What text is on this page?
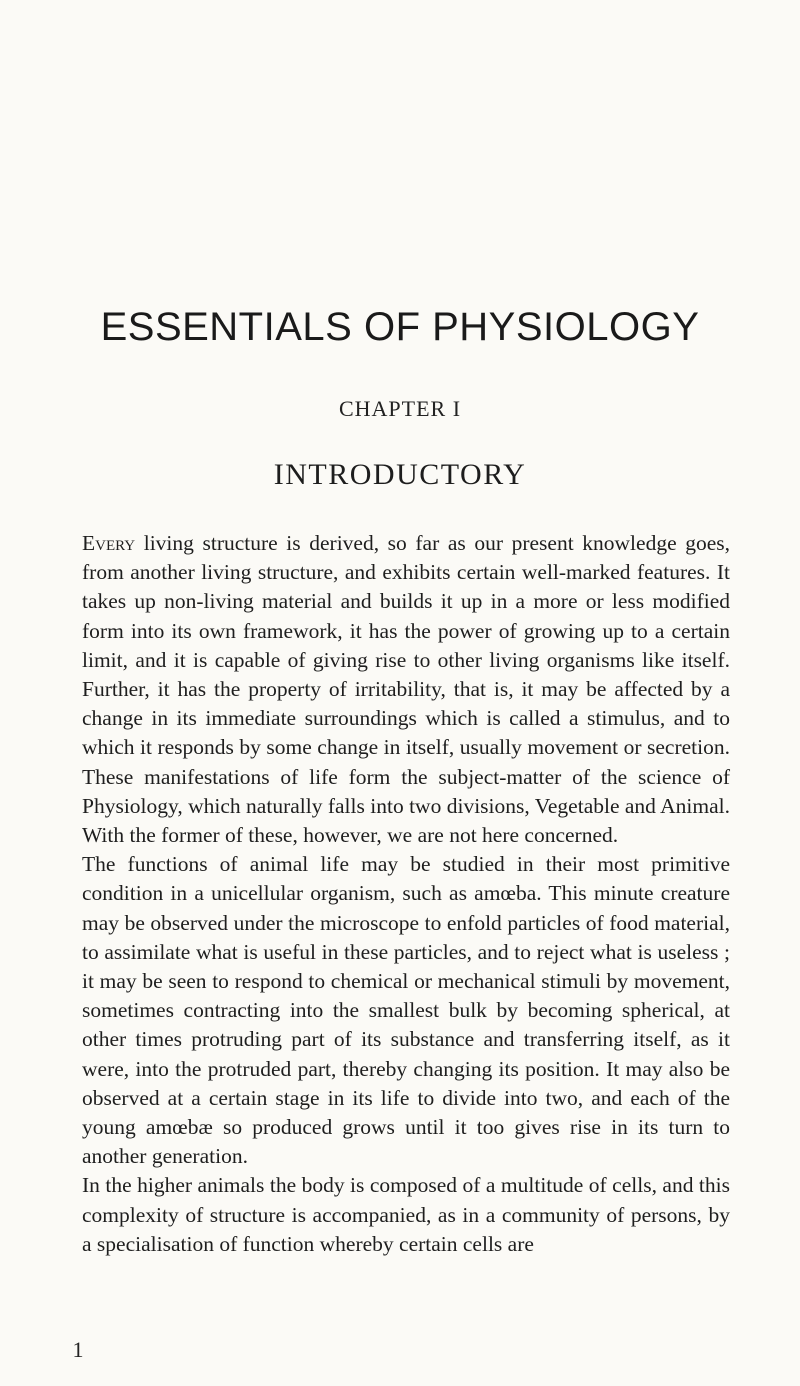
ESSENTIALS OF PHYSIOLOGY
CHAPTER I
INTRODUCTORY

Every living structure is derived, so far as our present knowledge goes, from another living structure, and exhibits certain well-marked features. It takes up non-living material and builds it up in a more or less modified form into its own framework, it has the power of growing up to a certain limit, and it is capable of giving rise to other living organisms like itself. Further, it has the property of irritability, that is, it may be affected by a change in its immediate surroundings which is called a stimulus, and to which it responds by some change in itself, usually movement or secretion. These manifestations of life form the subject-matter of the science of Physiology, which naturally falls into two divisions, Vegetable and Animal. With the former of these, however, we are not here concerned.

The functions of animal life may be studied in their most primitive condition in a unicellular organism, such as amœba. This minute creature may be observed under the microscope to enfold particles of food material, to assimilate what is useful in these particles, and to reject what is useless ; it may be seen to respond to chemical or mechanical stimuli by movement, sometimes contracting into the smallest bulk by becoming spherical, at other times protruding part of its substance and transferring itself, as it were, into the protruded part, thereby changing its position. It may also be observed at a certain stage in its life to divide into two, and each of the young amœbæ so produced grows until it too gives rise in its turn to another generation.

In the higher animals the body is composed of a multitude of cells, and this complexity of structure is accompanied, as in a community of persons, by a specialisation of function whereby certain cells are

1
